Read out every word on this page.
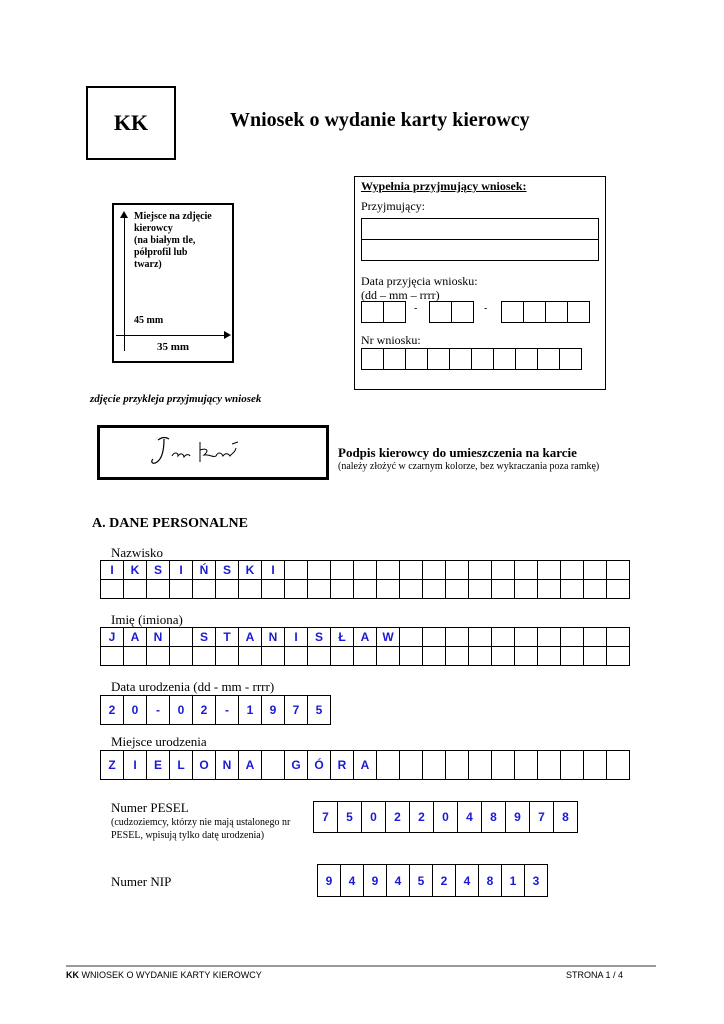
KK	Wniosek o wydanie karty kierowcy
Miejsce na zdjęcie
kierowcy
(na białym tle,
półprofil lub
twarz)
45 mm
35 mm
Wypełnia przyjmujący wniosek:
Przyjmujący:
Data przyjęcia wniosku:
(dd – mm – rrrr)
-	-
Nr wniosku:
zdjęcie przykleja przyjmujący wniosek
Podpis kierowcy do umieszczenia na karcie
(należy złożyć w czarnym kolorze, bez wykraczania poza ramkę)
A. DANE PERSONALNE
Nazwisko
I	K	S	I	Ń	S	K	I
Imię (imiona)
J	A	N	S	T	A	N	I	S	Ł	A	W
Data urodzenia (dd - mm - rrrr)
2	0	-	0	2	-	1	9	7	5
Miejsce urodzenia
Z	I	E	L	O	N	A	G	Ó	R	A
Numer PESEL
(cudzoziemcy, którzy nie mają ustalonego nr PESEL, wpisują tylko datę urodzenia)
7	5	0	2	2	0	4	8	9	7	8
Numer NIP	9	4	9	4	5	2	4	8	1	3
KK WNIOSEK O WYDANIE KARTY KIEROWCY	STRONA 1 / 4
